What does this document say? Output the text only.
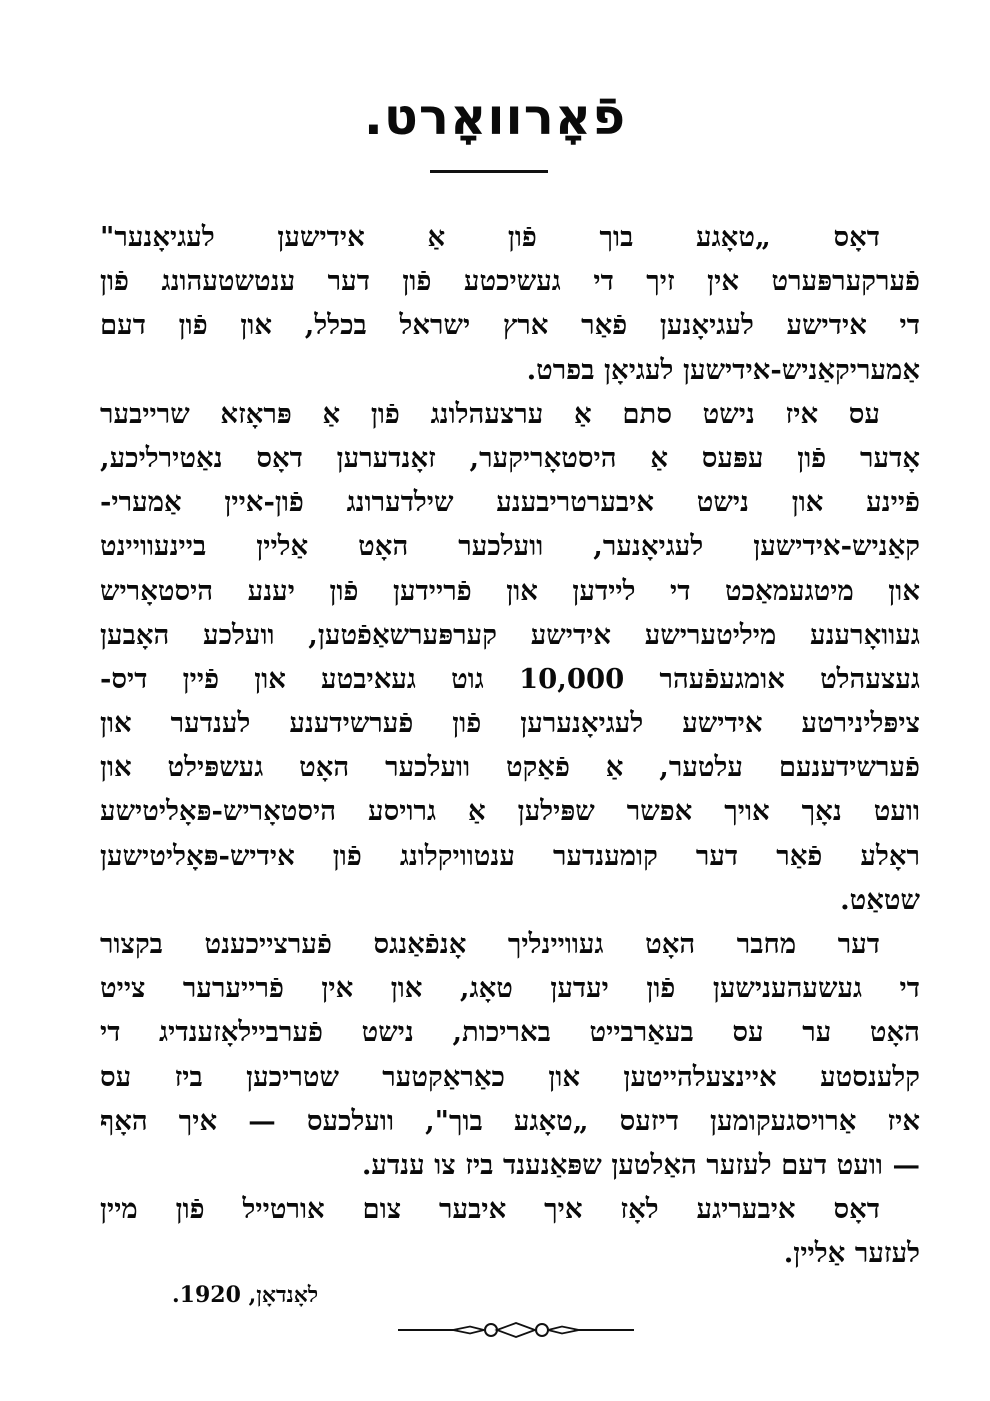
פֿאָרוואָרט.
דאָס „טאָגע בוך פֿון אַ אידישען לעגיאָנער"
פֿערקערפּערט אין זיך די געשיכטע פֿון דער ענטשטעהונג פֿון
די אידישע לעגיאָנען פֿאַר ארץ ישראל בכלל, און פֿון דעם
אַמעריקאַניש-אידישען לעגיאָן בפרט.
עס איז נישט סתם אַ ערצעהלונג פֿון אַ פּראָזא שרייבער
אָדער פֿון עפּעס אַ היסטאָריקער, זאָנדערען דאָס נאַטירליכע,
פֿיינע און נישט איבערטריבענע שילדערונג פֿון-איין אַמערי-
קאַניש-אידישען לעגיאָנער, וועלכער האָט אַליין ביינעוויינט
און מיטגעמאַכט די ליידען און פֿריידען פֿון יענע היסטאָריש
געוואָרענע מיליטערישע אידישע קערפּערשאַפֿטען, וועלכע האָבען
געצעהלט אומגעפֿעהר 10,000 גוט געאיבטע און פֿיין דיס-
ציפּלינירטע אידישע לעגיאָנערען פֿון פֿערשידענע לענדער און
פֿערשידענעם עלטער, אַ פֿאַקט וועלכער האָט געשפּילט און
וועט נאָך אויך אפשר שפּילען אַ גרויסע היסטאָריש-פּאָליטישע
ראָלע פֿאַר דער קומענדער ענטוויקלונג פֿון אידיש-פּאָליטישען
שטאַט.
דער מחבר האָט געוויינליך אָנפֿאַנגס פֿערצייכענט בקצור
די געשעהענישען פֿון יעדען טאָג, און אין פֿרייערער צייט
האָט ער עס בעאַרבייט באריכות, נישט פֿערביילאָזענדיג די
קלענסטע איינצעלהייטען און כאַראַקטער שטריכען ביז עס
איז אַרויסגעקומען דיזעס „טאָגע בוך", וועלכעס — איך האָף
— וועט דעם לעזער האַלטען שפּאַנענד ביז צו ענדע.
דאָס איבעריגע לאָז איך איבער צום אורטייל פֿון מיין
לעזער אַליין.
לאָנדאָן, 1920.
